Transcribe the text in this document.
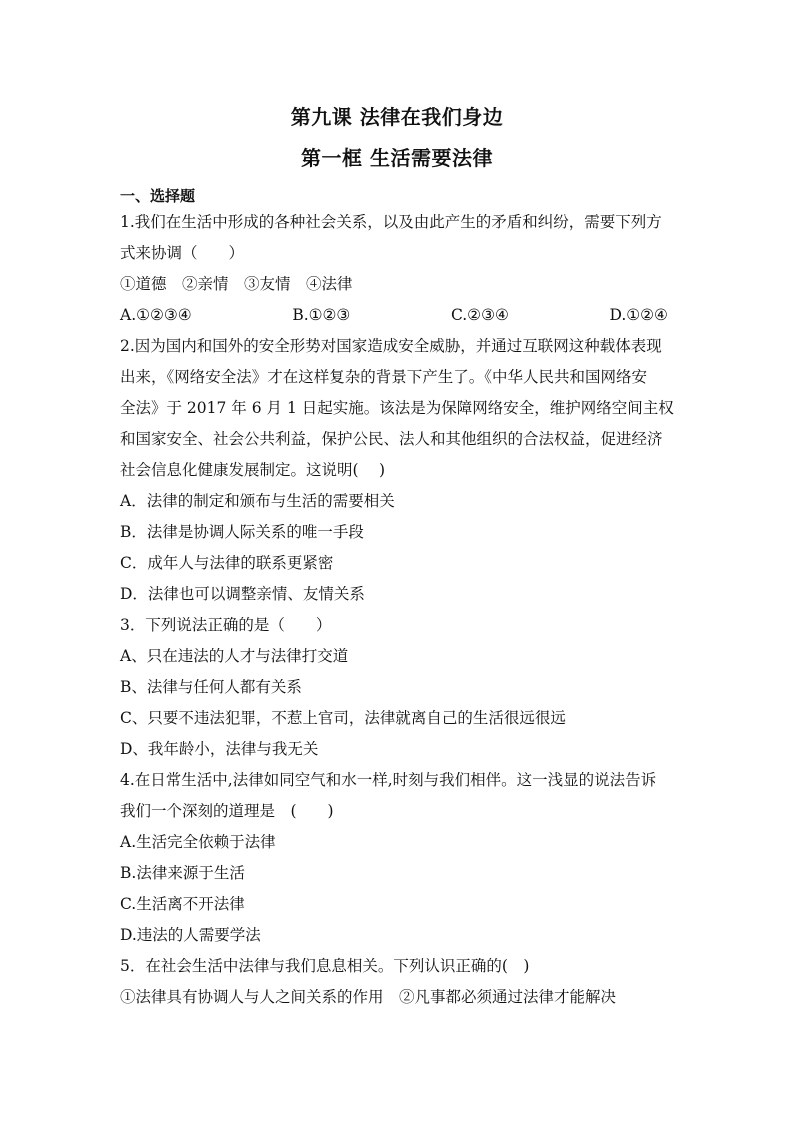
第九课 法律在我们身边
第一框 生活需要法律
一、选择题
1.我们在生活中形成的各种社会关系，以及由此产生的矛盾和纠纷，需要下列方
式来协调（　　）
①道德　②亲情　③友情　④法律
A.①②③④	B.①②③	C.②③④	D.①②④
2.因为国内和国外的安全形势对国家造成安全威胁，并通过互联网这种载体表现
出来，《网络安全法》才在这样复杂的背景下产生了。《中华人民共和国网络安
全法》于 2017 年 6 月 1 日起实施。该法是为保障网络安全，维护网络空间主权
和国家安全、社会公共利益，保护公民、法人和其他组织的合法权益，促进经济
社会信息化健康发展制定。这说明(　 )
A．法律的制定和颁布与生活的需要相关
B．法律是协调人际关系的唯一手段
C．成年人与法律的联系更紧密
D．法律也可以调整亲情、友情关系
3．下列说法正确的是（　　）
A、只在违法的人才与法律打交道
B、法律与任何人都有关系
C、只要不违法犯罪，不惹上官司，法律就离自己的生活很远很远
D、我年龄小，法律与我无关
4.在日常生活中,法律如同空气和水一样,时刻与我们相伴。这一浅显的说法告诉
我们一个深刻的道理是　(　　)
A.生活完全依赖于法律
B.法律来源于生活
C.生活离不开法律
D.违法的人需要学法
5．在社会生活中法律与我们息息相关。下列认识正确的(　)
①法律具有协调人与人之间关系的作用　②凡事都必须通过法律才能解决
